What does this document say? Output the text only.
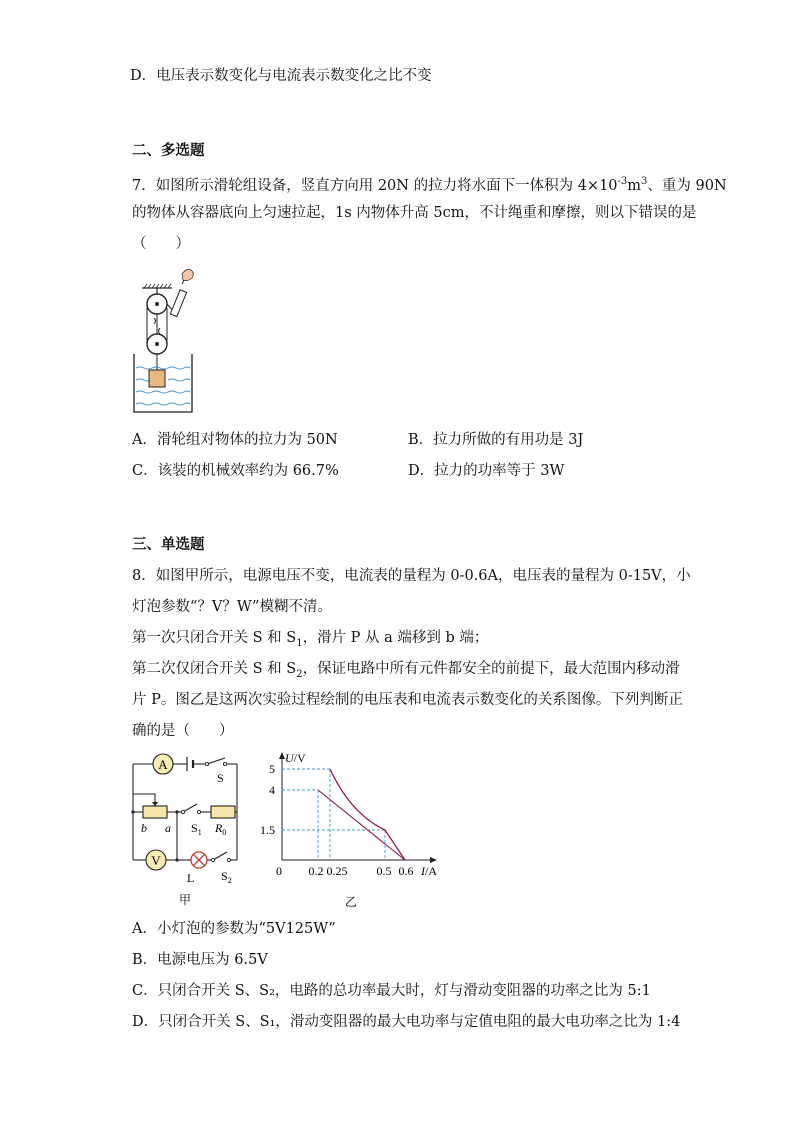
D．电压表示数变化与电流表示数变化之比不变
二、多选题
7．如图所示滑轮组设备，竖直方向用 20N 的拉力将水面下一体积为 $4\times 10^{-3}m^3$、重为 90N
的物体从容器底向上匀速拉起，1s 内物体升高 5cm，不计绳重和摩擦，则以下错误的是
（　　）
A．滑轮组对物体的拉力为 50N	B．拉力所做的有用功是 3J
C．该装的机械效率约为 66.7%	D．拉力的功率等于 3W
三、单选题
8．如图甲所示，电源电压不变，电流表的量程为 0-0.6A，电压表的量程为 0-15V，小
灯泡参数“？V？W”模糊不清。
第一次只闭合开关 S 和 $S_1$，滑片 P 从 a 端移到 b 端；
第二次仅闭合开关 S 和 $S_2$，保证电路中所有元件都安全的前提下，最大范围内移动滑
片 P。图乙是这两次实验过程绘制的电压表和电流表示数变化的关系图像。下列判断正
确的是（　　）
A
V
S
b a $S_1$ $R_0$
L $S_2$
甲
U/V
I/A
5
4
1.5
0 0.2 0.25 0.5 0.6
乙
A．小灯泡的参数为“5V125W”
B．电源电压为 6.5V
C．只闭合开关 S、S₂，电路的总功率最大时，灯与滑动变阻器的功率之比为 5:1
D．只闭合开关 S、S₁，滑动变阻器的最大电功率与定值电阻的最大电功率之比为 1:4
